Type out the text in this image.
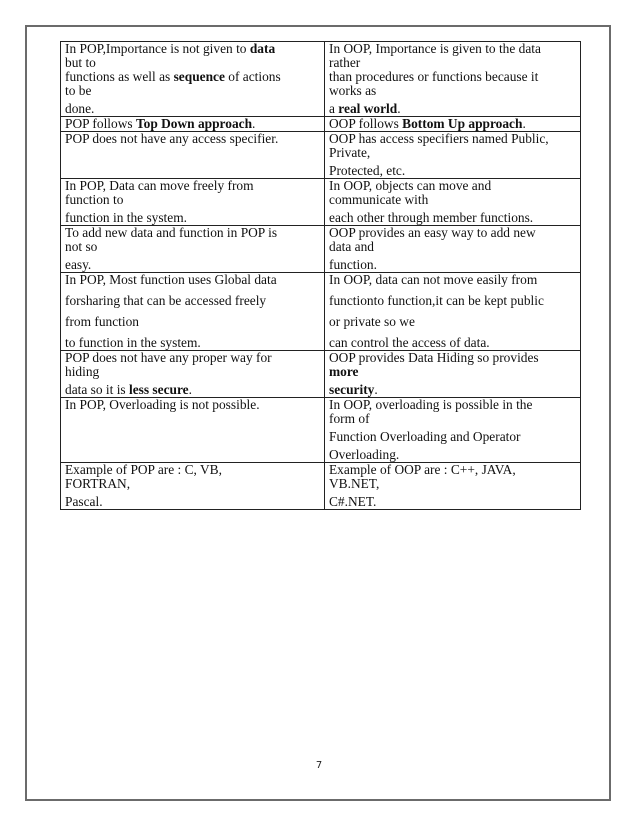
In POP,Importance is not given to data
but to
functions as well as sequence of actions
to be
done.	In OOP, Importance is given to the data
rather
than procedures or functions because it
works as
a real world.

POP follows Top Down approach.	OOP follows Bottom Up approach.

POP does not have any access specifier.	OOP has access specifiers named Public,
Private,
Protected, etc.

In POP, Data can move freely from
function to
function in the system.	In OOP, objects can move and
communicate with
each other through member functions.

To add new data and function in POP is
not so
easy.	OOP provides an easy way to add new
data and
function.

In POP, Most function uses Global data
forsharing that can be accessed freely
from function
to function in the system.	In OOP, data can not move easily from
functionto function,it can be kept public
or private so we
can control the access of data.

POP does not have any proper way for
hiding
data so it is less secure.	OOP provides Data Hiding so provides
more
security.

In POP, Overloading is not possible.	In OOP, overloading is possible in the
form of
Function Overloading and Operator
Overloading.

Example of POP are : C, VB,
FORTRAN,
Pascal.	Example of OOP are : C++, JAVA,
VB.NET,
C#.NET.
7
